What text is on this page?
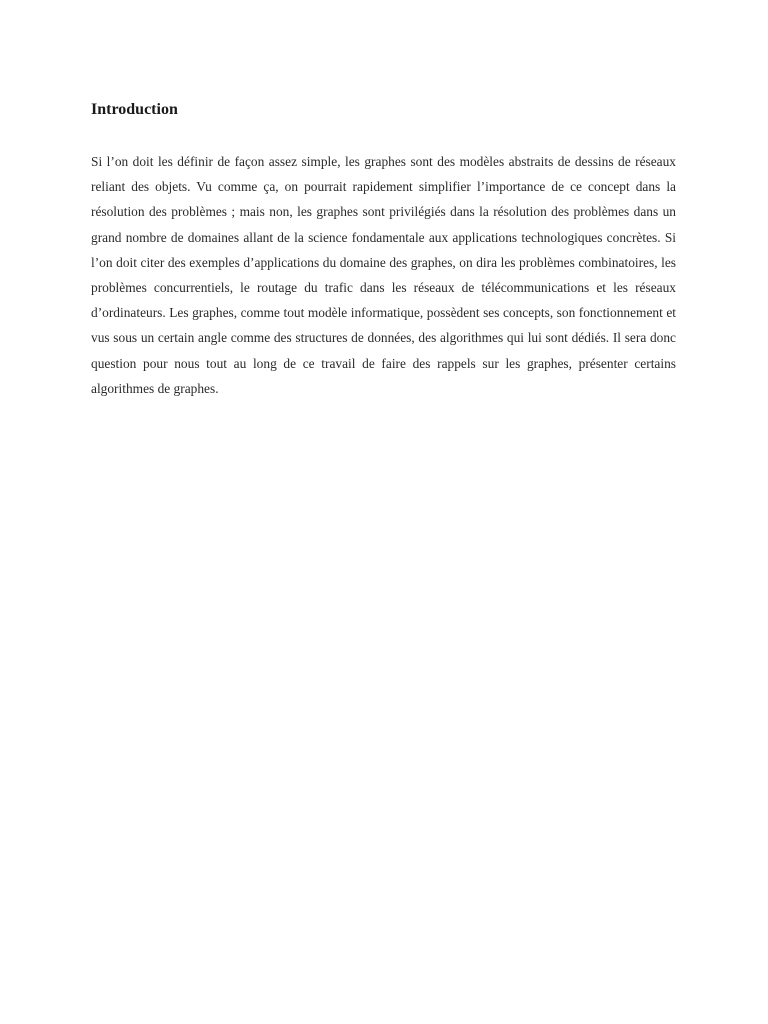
Introduction

Si l’on doit les définir de façon assez simple, les graphes sont des modèles abstraits de dessins de réseaux reliant des objets. Vu comme ça, on pourrait rapidement simplifier l’importance de ce concept dans la résolution des problèmes ; mais non, les graphes sont privilégiés dans la résolution des problèmes dans un grand nombre de domaines allant de la science fondamentale aux applications technologiques concrètes. Si l’on doit citer des exemples d’applications du domaine des graphes, on dira les problèmes combinatoires, les problèmes concurrentiels, le routage du trafic dans les réseaux de télécommunications et les réseaux d’ordinateurs. Les graphes, comme tout modèle informatique, possèdent ses concepts, son fonctionnement et vus sous un certain angle comme des structures de données, des algorithmes qui lui sont dédiés. Il sera donc question pour nous tout au long de ce travail de faire des rappels sur les graphes, présenter certains algorithmes de graphes.
